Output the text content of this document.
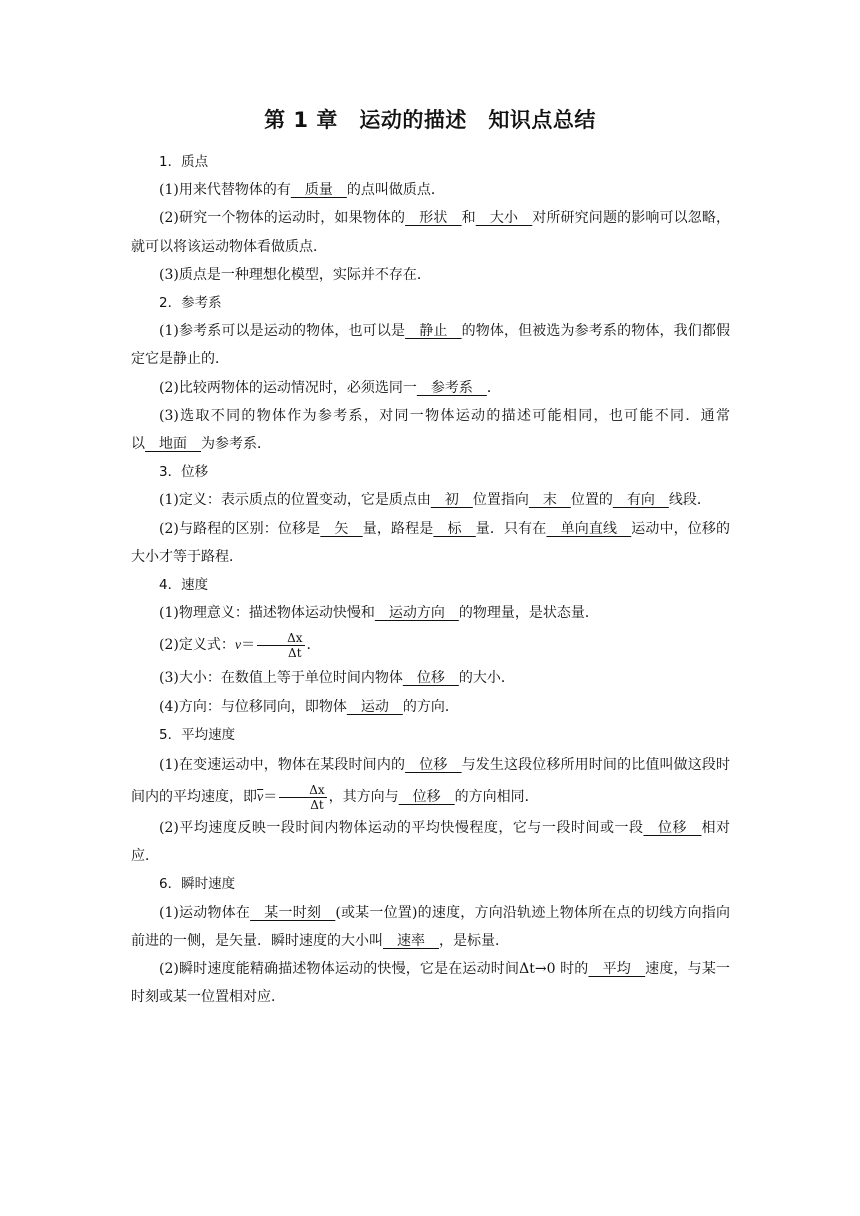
第 1 章　 运动的描述　 知识点总结
1．质点
(1)用来代替物体的有　质量　的点叫做质点．
(2)研究一个物体的运动时，如果物体的　形状　和　大小　对所研究问题的影响可以忽略，就可以将该运动物体看做质点．
(3)质点是一种理想化模型，实际并不存在．
2．参考系
(1)参考系可以是运动的物体，也可以是　静止　的物体，但被选为参考系的物体，我们都假定它是静止的．
(2)比较两物体的运动情况时，必须选同一　参考系　．
(3)选取不同的物体作为参考系，对同一物体运动的描述可能相同，也可能不同．通常以　地面　为参考系．
3．位移
(1)定义：表示质点的位置变动，它是质点由　初　位置指向　末　位置的　有向　线段．
(2)与路程的区别：位移是　矢　量，路程是　标　量．只有在　单向直线　运动中，位移的大小才等于路程．
4．速度
(1)物理意义：描述物体运动快慢和　运动方向　的物理量，是状态量．
(2)定义式：$v= \frac{\Delta x}{\Delta t}$ .
(3)大小：在数值上等于单位时间内物体　位移　的大小．
(4)方向：与位移同向，即物体　运动　的方向．
5．平均速度
(1)在变速运动中，物体在某段时间内的　位移　与发生这段位移所用时间的比值叫做这段时间内的平均速度，即$\overline{v}= \frac{\Delta x}{\Delta t}$ ，其方向与　位移　的方向相同．
(2)平均速度反映一段时间内物体运动的平均快慢程度，它与一段时间或一段　位移　相对应．
6．瞬时速度
(1)运动物体在　某一时刻　(或某一位置)的速度，方向沿轨迹上物体所在点的切线方向指向前进的一侧，是矢量．瞬时速度的大小叫　速率　，是标量．
(2)瞬时速度能精确描述物体运动的快慢，它是在运动时间Δt→0 时的　平均　速度，与某一时刻或某一位置相对应．
